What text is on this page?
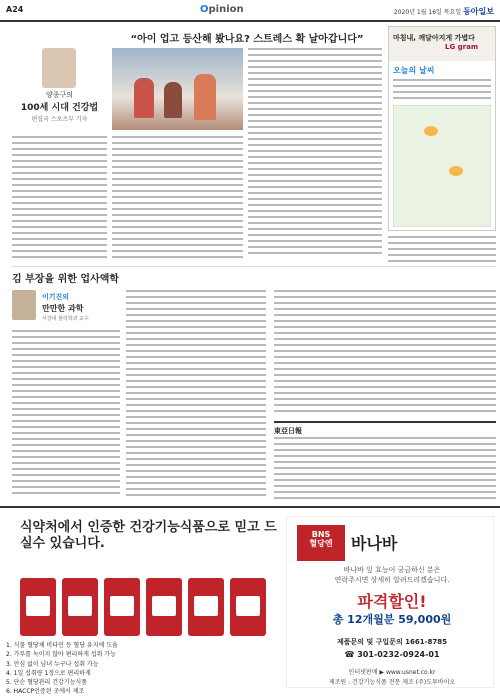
A24	Opinion	2020년 1월 16일 목요일 동아일보
“아이 업고 등산해 봤나요? 스트레스 확 날아갑니다”
양종구의
100세 시대 건강법
편집국 스포츠부 기자
마침내, 깨달아지게 가볍다
LG gram
오늘의 날씨
김 부장을 위한 업사액학
이기진의
만만한 과학
서강대 물리학과 교수
東亞日報
식약처에서 인증한 건강기능식품으로 믿고 드실수 있습니다.
1. 식물 혈당체 비타민 등 혈당 유지에 도움
2. 가루를 녹이지 않아 편리하게 섭취 가능
3. 안심 없이 남녀 누구나 섭취 가능
4. 1일 섭취량 1정으로 편리하게
5. 단순 혈당관리 건강기능식품
6. HACCP인증된 곳에서 제조
BNS
혈당엔	바나바
바나바 잎 효능이 궁금하신 분은
연락주시면 상세히 알려드리겠습니다.
파격할인!
총 12개월분 59,000원
제품문의 및 구입문의 1661-8785
☎ 301-0232-0924-01
인터넷판매 ▶ www.usnet.co.kr
제조원 : 건강기능식품 전문 제조 (주)도투바이오
